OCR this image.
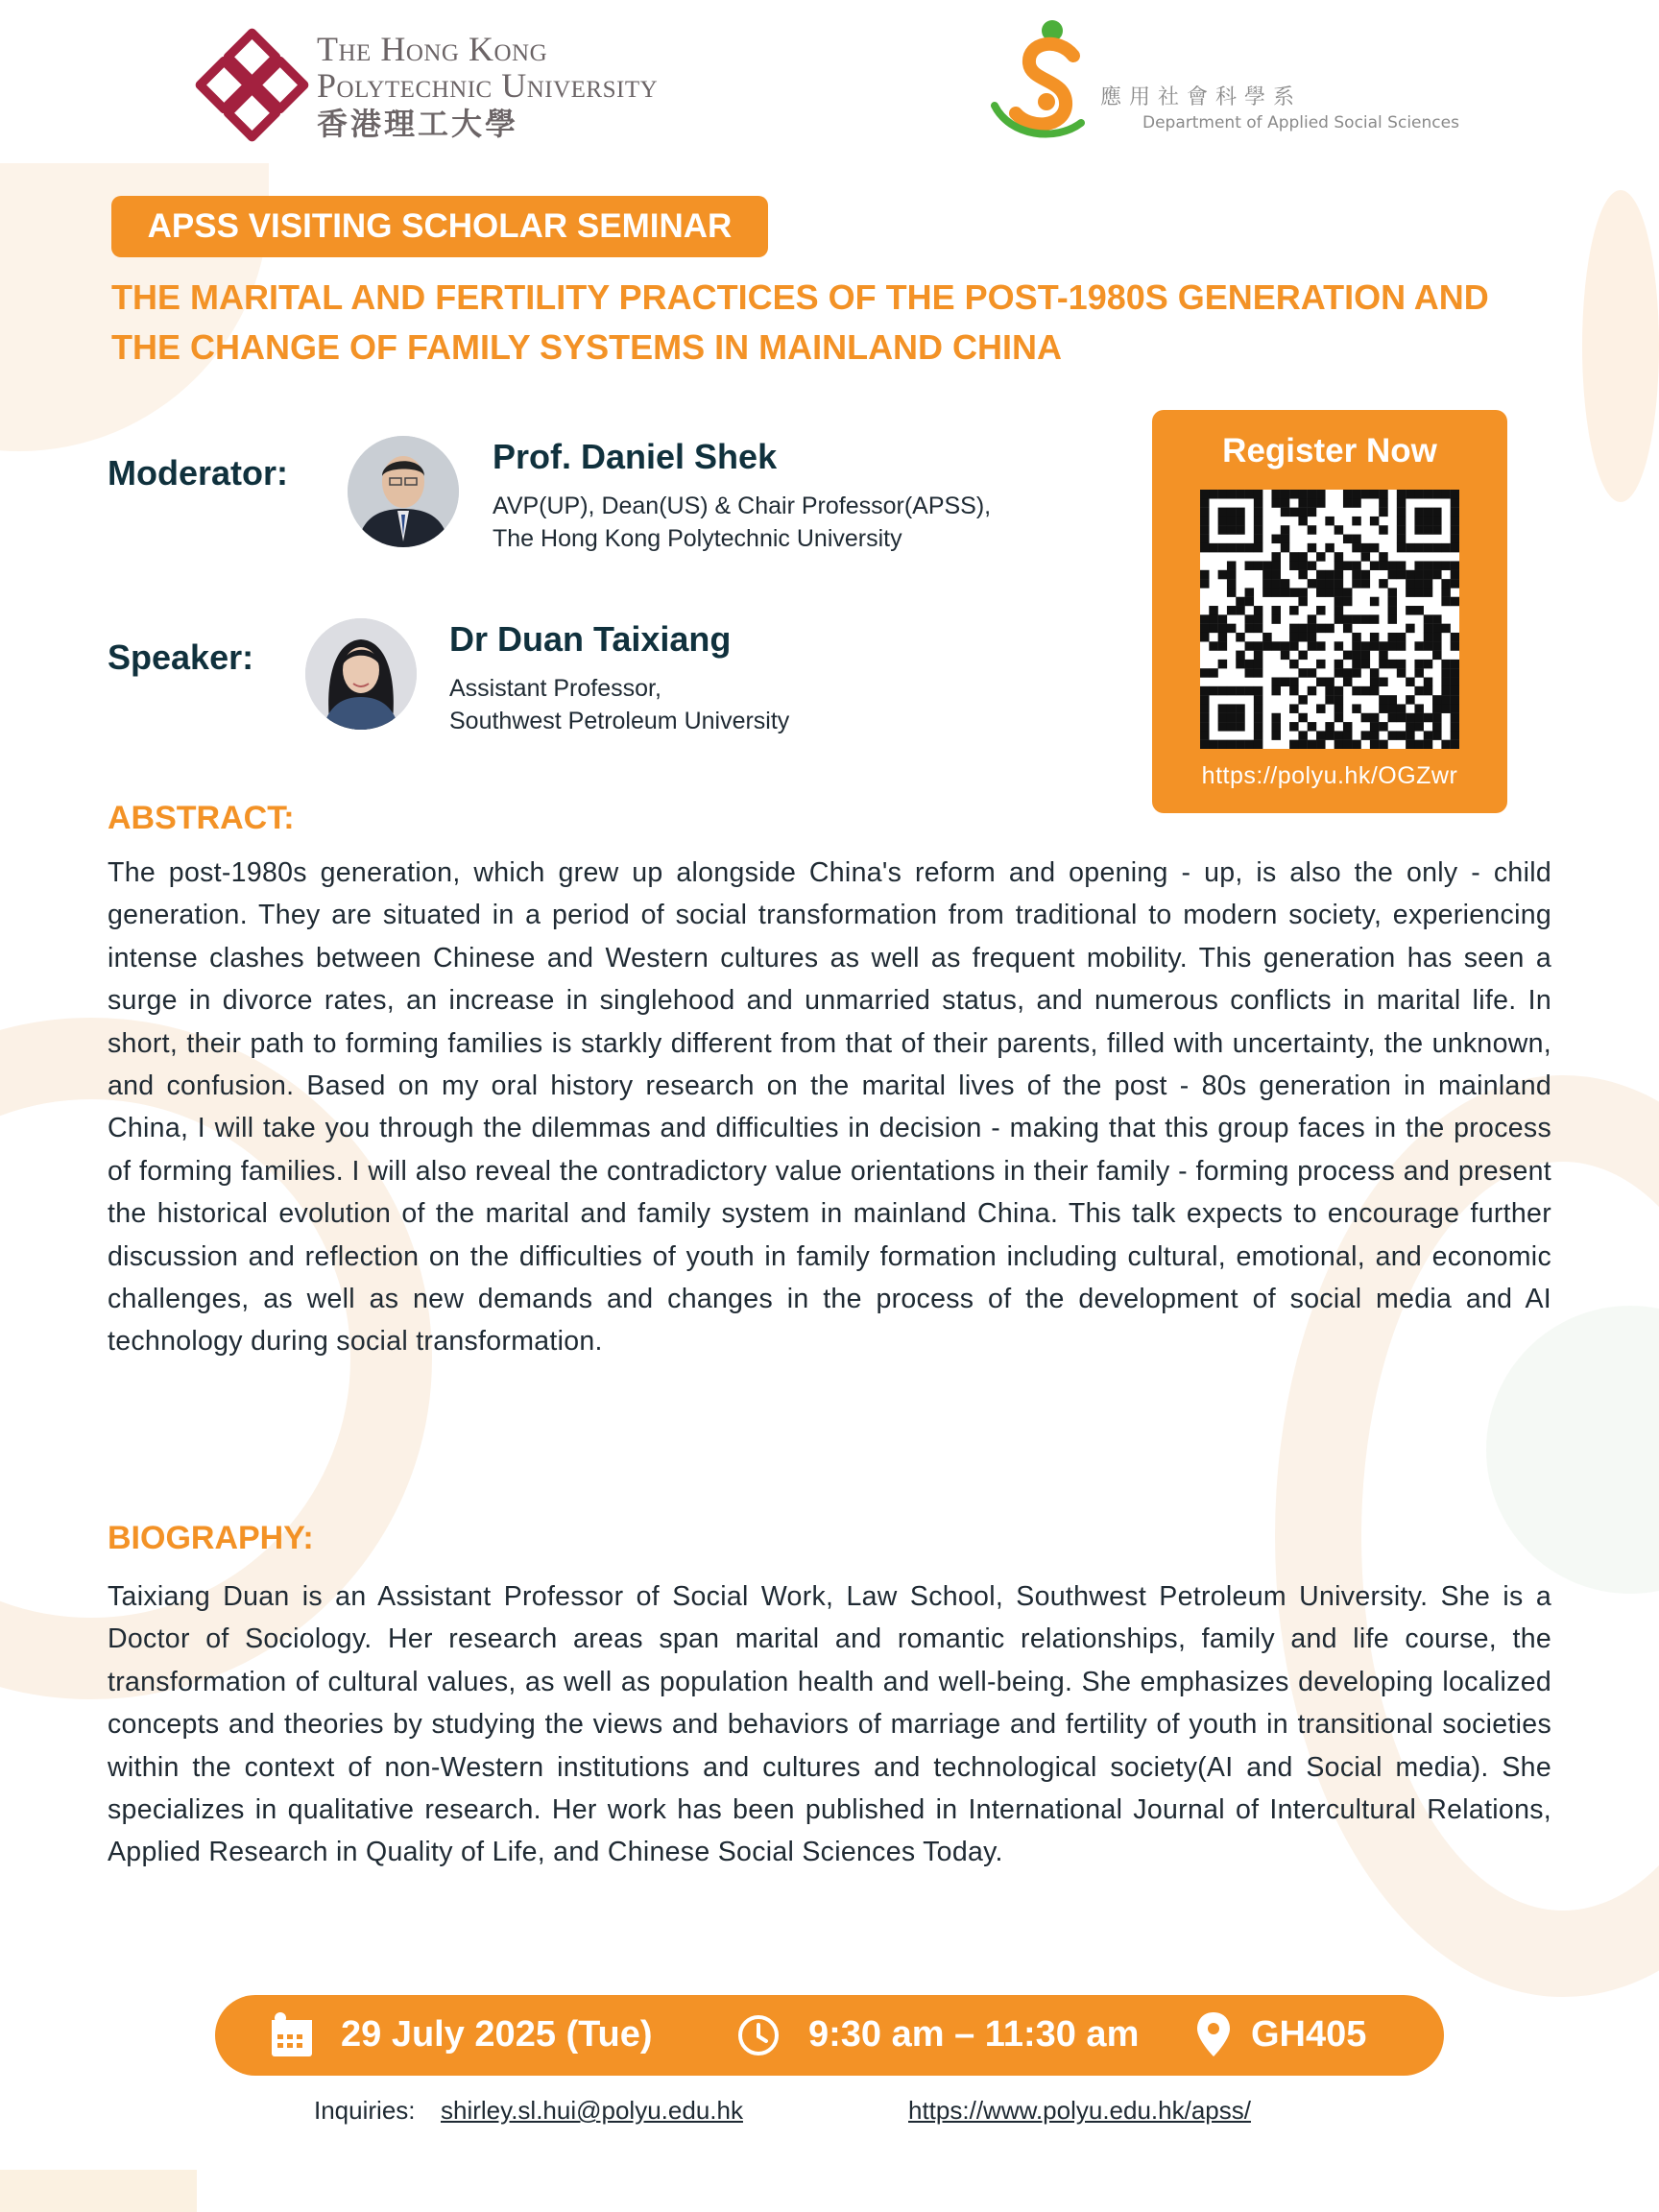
The Hong Kong
Polytechnic University
香港理工大學
應用社會科學系
Department of Applied Social Sciences
APSS VISITING SCHOLAR SEMINAR
THE MARITAL AND FERTILITY PRACTICES OF THE POST-1980S GENERATION AND THE CHANGE OF FAMILY SYSTEMS IN MAINLAND CHINA
Moderator:	Prof. Daniel Shek
AVP(UP), Dean(US) & Chair Professor(APSS),
The Hong Kong Polytechnic University
Speaker:	Dr Duan Taixiang
Assistant Professor,
Southwest Petroleum University
Register Now
https://polyu.hk/OGZwr
ABSTRACT:
The post-1980s generation, which grew up alongside China's reform and opening - up, is also the only - child generation. They are situated in a period of social transformation from traditional to modern society, experiencing intense clashes between Chinese and Western cultures as well as frequent mobility. This generation has seen a surge in divorce rates, an increase in singlehood and unmarried status, and numerous conflicts in marital life. In short, their path to forming families is starkly different from that of their parents, filled with uncertainty, the unknown, and confusion. Based on my oral history research on the marital lives of the post - 80s generation in mainland China, I will take you through the dilemmas and difficulties in decision - making that this group faces in the process of forming families. I will also reveal the contradictory value orientations in their family - forming process and present the historical evolution of the marital and family system in mainland China. This talk expects to encourage further discussion and reflection on the difficulties of youth in family formation including cultural, emotional, and economic challenges, as well as new demands and changes in the process of the development of social media and AI technology during social transformation.
BIOGRAPHY:
Taixiang Duan is an Assistant Professor of Social Work, Law School, Southwest Petroleum University. She is a Doctor of Sociology. Her research areas span marital and romantic relationships, family and life course, the transformation of cultural values, as well as population health and well-being. She emphasizes developing localized concepts and theories by studying the views and behaviors of marriage and fertility of youth in transitional societies within the context of non-Western institutions and cultures and technological society(AI and Social media). She specializes in qualitative research. Her work has been published in International Journal of Intercultural Relations, Applied Research in Quality of Life, and Chinese Social Sciences Today.
29 July 2025 (Tue)	9:30 am – 11:30 am	GH405
Inquiries: shirley.sl.hui@polyu.edu.hk	https://www.polyu.edu.hk/apss/
